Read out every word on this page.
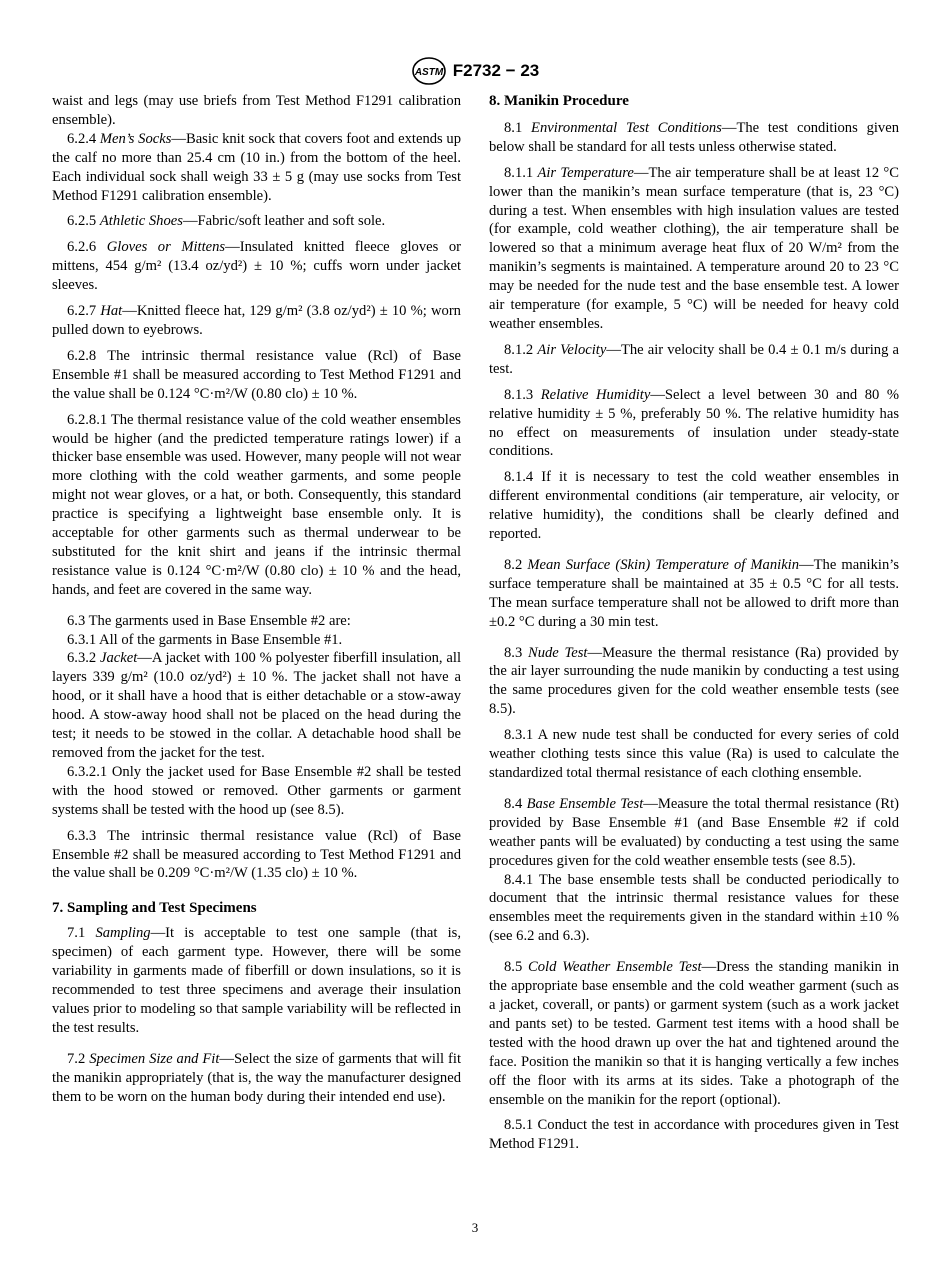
ASTM F2732 − 23

waist and legs (may use briefs from Test Method F1291 calibration ensemble).

6.2.4 Men’s Socks—Basic knit sock that covers foot and extends up the calf no more than 25.4 cm (10 in.) from the bottom of the heel. Each individual sock shall weigh 33 ± 5 g (may use socks from Test Method F1291 calibration ensemble).

6.2.5 Athletic Shoes—Fabric/soft leather and soft sole.

6.2.6 Gloves or Mittens—Insulated knitted fleece gloves or mittens, 454 g/m² (13.4 oz/yd²) ± 10 %; cuffs worn under jacket sleeves.

6.2.7 Hat—Knitted fleece hat, 129 g/m² (3.8 oz/yd²) ± 10 %; worn pulled down to eyebrows.

6.2.8 The intrinsic thermal resistance value (Rcl) of Base Ensemble #1 shall be measured according to Test Method F1291 and the value shall be 0.124 °C·m²/W (0.80 clo) ± 10 %.

6.2.8.1 The thermal resistance value of the cold weather ensembles would be higher (and the predicted temperature ratings lower) if a thicker base ensemble was used. However, many people will not wear more clothing with the cold weather garments, and some people might not wear gloves, or a hat, or both. Consequently, this standard practice is specifying a lightweight base ensemble only. It is acceptable for other garments such as thermal underwear to be substituted for the knit shirt and jeans if the intrinsic thermal resistance value is 0.124 °C·m²/W (0.80 clo) ± 10 % and the head, hands, and feet are covered in the same way.

6.3 The garments used in Base Ensemble #2 are:

6.3.1 All of the garments in Base Ensemble #1.

6.3.2 Jacket—A jacket with 100 % polyester fiberfill insulation, all layers 339 g/m² (10.0 oz/yd²) ± 10 %. The jacket shall not have a hood, or it shall have a hood that is either detachable or a stow-away hood. A stow-away hood shall not be placed on the head during the test; it needs to be stowed in the collar. A detachable hood shall be removed from the jacket for the test.

6.3.2.1 Only the jacket used for Base Ensemble #2 shall be tested with the hood stowed or removed. Other garments or garment systems shall be tested with the hood up (see 8.5).

6.3.3 The intrinsic thermal resistance value (Rcl) of Base Ensemble #2 shall be measured according to Test Method F1291 and the value shall be 0.209 °C·m²/W (1.35 clo) ± 10 %.

7. Sampling and Test Specimens

7.1 Sampling—It is acceptable to test one sample (that is, specimen) of each garment type. However, there will be some variability in garments made of fiberfill or down insulations, so it is recommended to test three specimens and average their insulation values prior to modeling so that sample variability will be reflected in the test results.

7.2 Specimen Size and Fit—Select the size of garments that will fit the manikin appropriately (that is, the way the manufacturer designed them to be worn on the human body during their intended end use).

8. Manikin Procedure

8.1 Environmental Test Conditions—The test conditions given below shall be standard for all tests unless otherwise stated.

8.1.1 Air Temperature—The air temperature shall be at least 12 °C lower than the manikin’s mean surface temperature (that is, 23 °C) during a test. When ensembles with high insulation values are tested (for example, cold weather clothing), the air temperature shall be lowered so that a minimum average heat flux of 20 W/m² from the manikin’s segments is maintained. A temperature around 20 to 23 °C may be needed for the nude test and the base ensemble test. A lower air temperature (for example, 5 °C) will be needed for heavy cold weather ensembles.

8.1.2 Air Velocity—The air velocity shall be 0.4 ± 0.1 m/s during a test.

8.1.3 Relative Humidity—Select a level between 30 and 80 % relative humidity ± 5 %, preferably 50 %. The relative humidity has no effect on measurements of insulation under steady-state conditions.

8.1.4 If it is necessary to test the cold weather ensembles in different environmental conditions (air temperature, air velocity, or relative humidity), the conditions shall be clearly defined and reported.

8.2 Mean Surface (Skin) Temperature of Manikin—The manikin’s surface temperature shall be maintained at 35 ± 0.5 °C for all tests. The mean surface temperature shall not be allowed to drift more than ±0.2 °C during a 30 min test.

8.3 Nude Test—Measure the thermal resistance (Ra) provided by the air layer surrounding the nude manikin by conducting a test using the same procedures given for the cold weather ensemble tests (see 8.5).

8.3.1 A new nude test shall be conducted for every series of cold weather clothing tests since this value (Ra) is used to calculate the standardized total thermal resistance of each clothing ensemble.

8.4 Base Ensemble Test—Measure the total thermal resistance (Rt) provided by Base Ensemble #1 (and Base Ensemble #2 if cold weather pants will be evaluated) by conducting a test using the same procedures given for the cold weather ensemble tests (see 8.5).

8.4.1 The base ensemble tests shall be conducted periodically to document that the intrinsic thermal resistance values for these ensembles meet the requirements given in the standard within ±10 % (see 6.2 and 6.3).

8.5 Cold Weather Ensemble Test—Dress the standing manikin in the appropriate base ensemble and the cold weather garment (such as a jacket, coverall, or pants) or garment system (such as a work jacket and pants set) to be tested. Garment test items with a hood shall be tested with the hood drawn up over the hat and tightened around the face. Position the manikin so that it is hanging vertically a few inches off the floor with its arms at its sides. Take a photograph of the ensemble on the manikin for the report (optional).

8.5.1 Conduct the test in accordance with procedures given in Test Method F1291.

3
